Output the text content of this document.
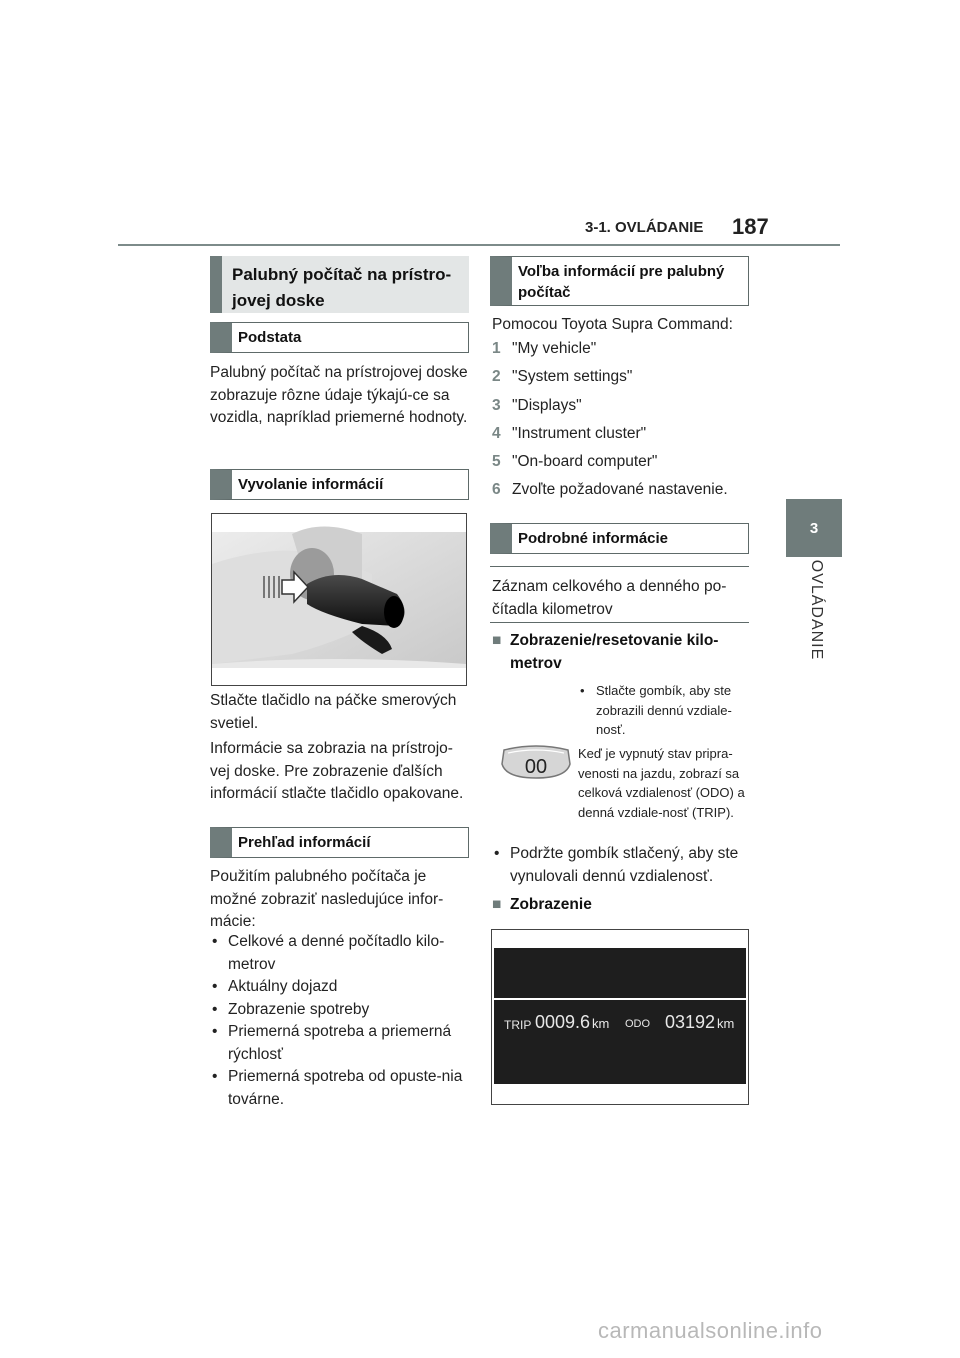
3-1. OVLÁDANIE 187
3
OVLÁDANIE
Palubný počítač na prístro-
jovej doske
Podstata
Palubný počítač na prístrojovej doske zobrazuje rôzne údaje týkajú-ce sa vozidla, napríklad priemerné hodnoty.
Vyvolanie informácií
Stlačte tlačidlo na páčke smerových svetiel.
Informácie sa zobrazia na prístrojo-vej doske. Pre zobrazenie ďalších informácií stlačte tlačidlo opakovane.
Prehľad informácií
Použitím palubného počítača je možné zobraziť nasledujúce infor-mácie:
• Celkové a denné počítadlo kilo-metrov
• Aktuálny dojazd
• Zobrazenie spotreby
• Priemerná spotreba a priemerná rýchlosť
• Priemerná spotreba od opuste-nia továrne.
Voľba informácií pre palubný počítač
Pomocou Toyota Supra Command:
1 "My vehicle"
2 "System settings"
3 "Displays"
4 "Instrument cluster"
5 "On-board computer"
6 Zvoľte požadované nastavenie.
Podrobné informácie
Záznam celkového a denného po-čítadla kilometrov
■ Zobrazenie/resetovanie kilo-metrov
• Stlačte gombík, aby ste zobrazili dennú vzdiale-nosť.
00
Keď je vypnutý stav pripra-venosti na jazdu, zobrazí sa celková vzdialenosť (ODO) a denná vzdiale-nosť (TRIP).
• Podržte gombík stlačený, aby ste vynulovali dennú vzdialenosť.
■ Zobrazenie
TRIP 0009.6 km ODO 03192 km
carmanualsonline.info
